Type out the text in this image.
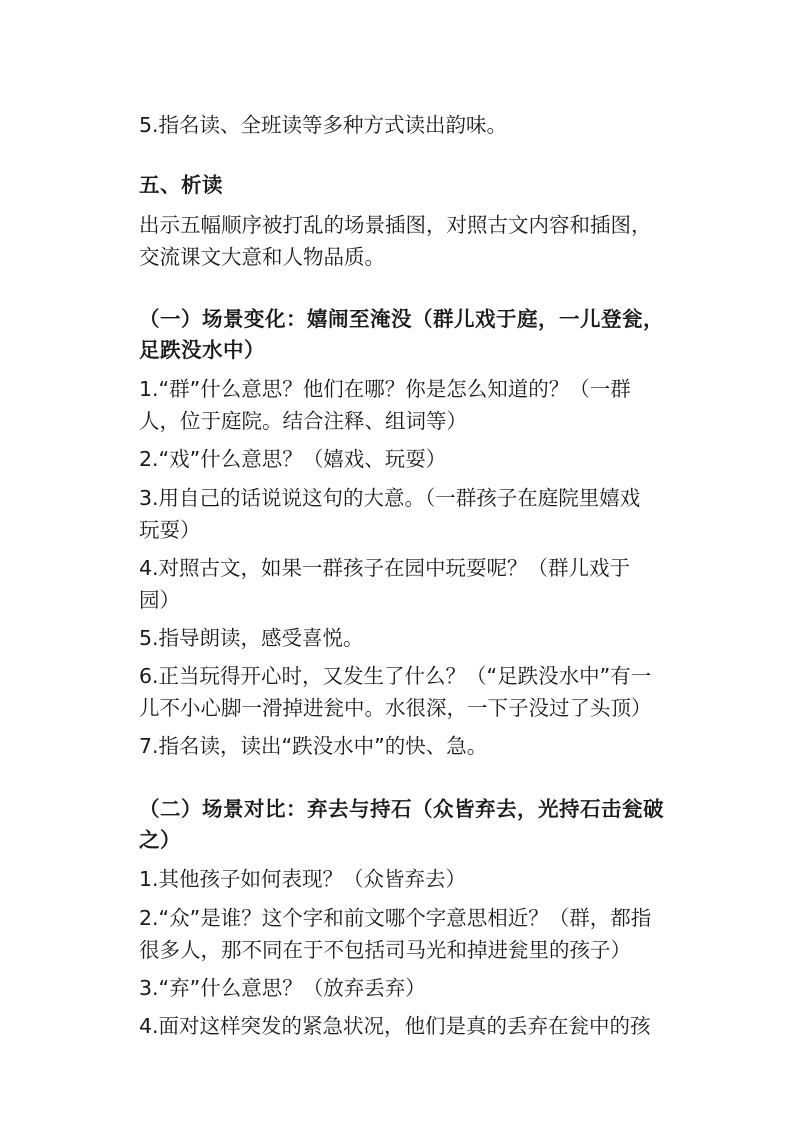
5.指名读、全班读等多种方式读出韵味。
五、析读
出示五幅顺序被打乱的场景插图，对照古文内容和插图，
交流课文大意和人物品质。
（一）场景变化：嬉闹至淹没（群儿戏于庭，一儿登瓮，
足跌没水中）
1.“群”什么意思？他们在哪？你是怎么知道的？（一群
人，位于庭院。结合注释、组词等）
2.“戏”什么意思？（嬉戏、玩耍）
3.用自己的话说说这句的大意。（一群孩子在庭院里嬉戏
玩耍）
4.对照古文，如果一群孩子在园中玩耍呢？（群儿戏于
园）
5.指导朗读，感受喜悦。
6.正当玩得开心时，又发生了什么？（“足跌没水中”有一
儿不小心脚一滑掉进瓮中。水很深，一下子没过了头顶）
7.指名读，读出“跌没水中”的快、急。
（二）场景对比：弃去与持石（众皆弃去，光持石击瓮破
之）
1.其他孩子如何表现？（众皆弃去）
2.“众”是谁？这个字和前文哪个字意思相近？（群，都指
很多人，那不同在于不包括司马光和掉进瓮里的孩子）
3.“弃”什么意思？（放弃丢弃）
4.面对这样突发的紧急状况，他们是真的丢弃在瓮中的孩
